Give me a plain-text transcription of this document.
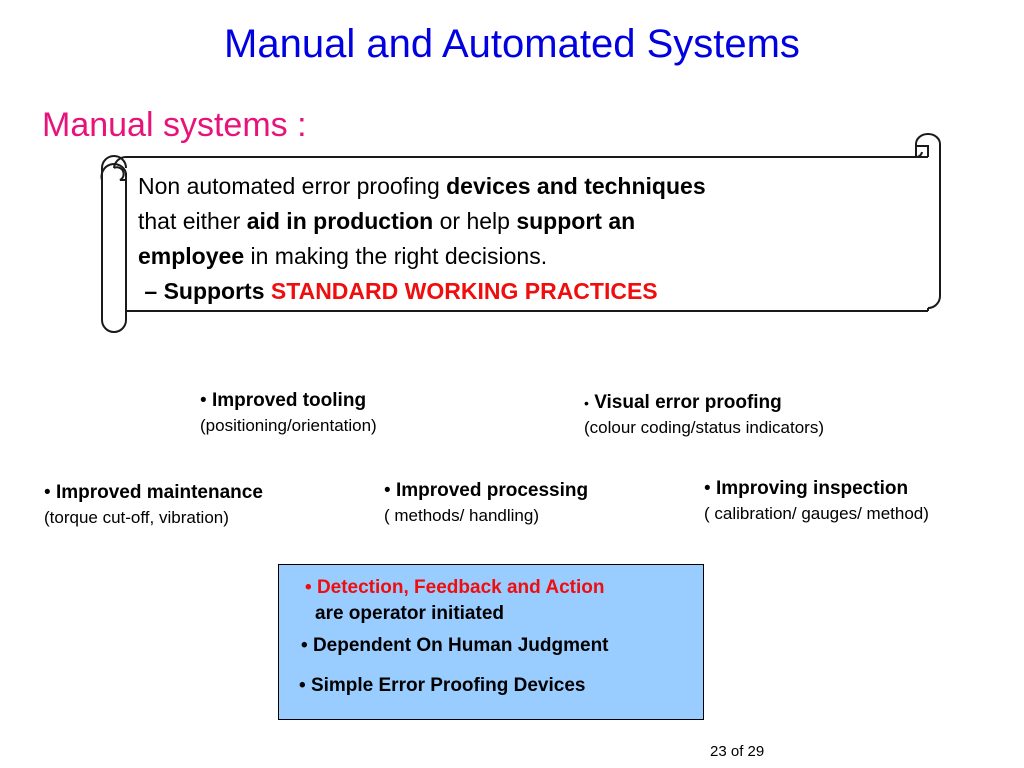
Manual and Automated Systems
Manual systems :
Non automated error proofing devices and techniques
that either aid in production or help support an
employee in making the right decisions.
– Supports STANDARD WORKING PRACTICES
• Improved tooling
(positioning/orientation)
• Visual error proofing
(colour coding/status indicators)
• Improved maintenance
(torque cut-off, vibration)
• Improved processing
( methods/ handling)
• Improving inspection
( calibration/ gauges/ method)
• Detection, Feedback and Action
are operator initiated
• Dependent On Human Judgment
• Simple Error Proofing Devices
23 of 29
